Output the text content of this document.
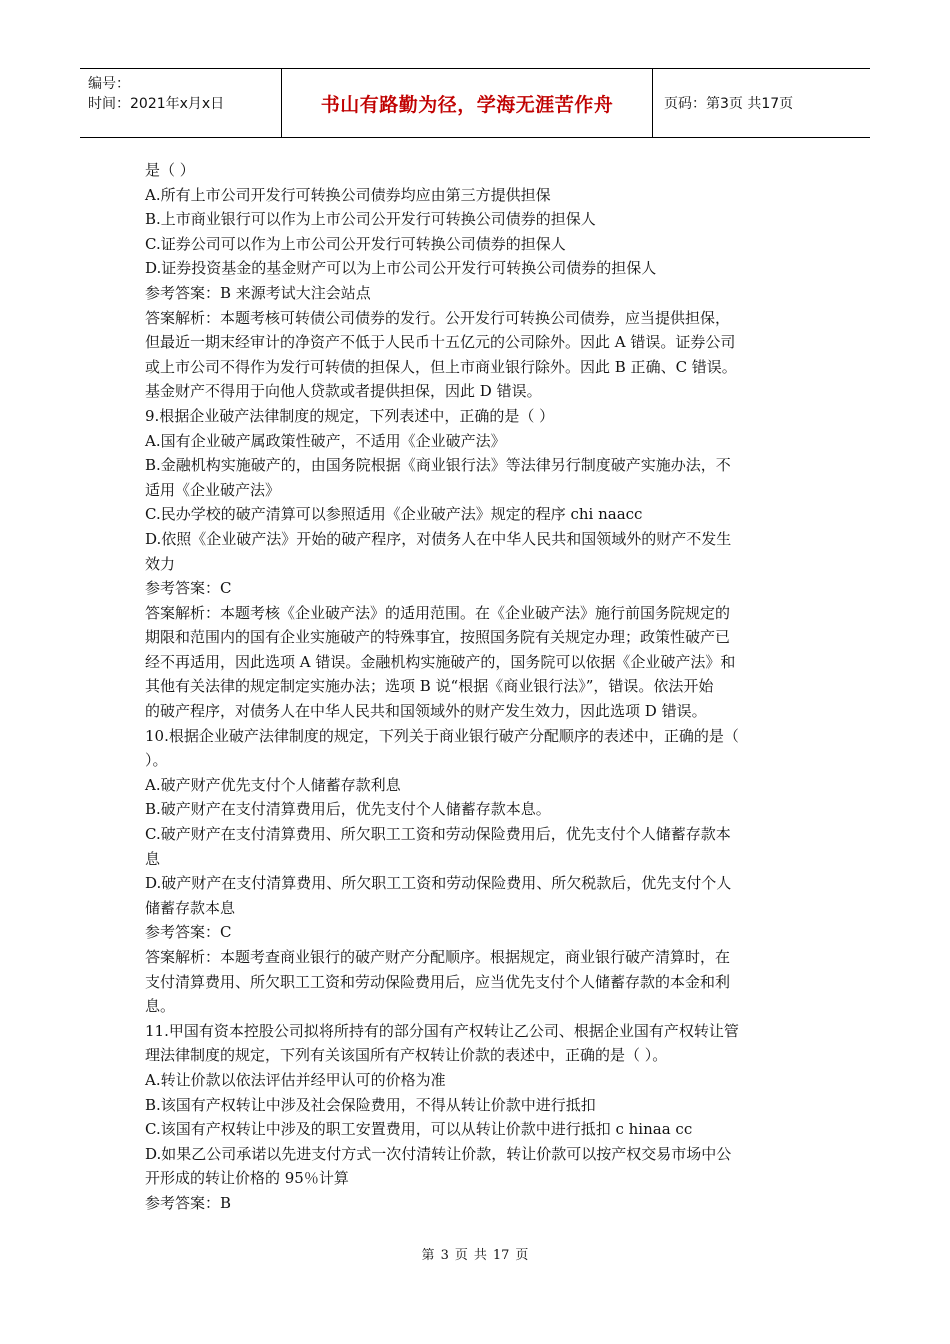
编号：
时间：2021年x月x日	书山有路勤为径，学海无涯苦作舟	页码：第3页 共17页
是（ ）
A.所有上市公司开发行可转换公司债券均应由第三方提供担保
B.上市商业银行可以作为上市公司公开发行可转换公司债券的担保人
C.证券公司可以作为上市公司公开发行可转换公司债券的担保人
D.证券投资基金的基金财产可以为上市公司公开发行可转换公司债券的担保人
参考答案：B 来源考试大注会站点
答案解析：本题考核可转债公司债券的发行。公开发行可转换公司债券，应当提供担保，
但最近一期末经审计的净资产不低于人民币十五亿元的公司除外。因此 A 错误。证券公司
或上市公司不得作为发行可转债的担保人，但上市商业银行除外。因此 B 正确、C 错误。
基金财产不得用于向他人贷款或者提供担保，因此 D 错误。
9.根据企业破产法律制度的规定，下列表述中，正确的是（ ）
A.国有企业破产属政策性破产，不适用《企业破产法》
B.金融机构实施破产的，由国务院根据《商业银行法》等法律另行制度破产实施办法，不
适用《企业破产法》
C.民办学校的破产清算可以参照适用《企业破产法》规定的程序 chi naacc
D.依照《企业破产法》开始的破产程序，对债务人在中华人民共和国领域外的财产不发生
效力
参考答案：C
答案解析：本题考核《企业破产法》的适用范围。在《企业破产法》施行前国务院规定的
期限和范围内的国有企业实施破产的特殊事宜，按照国务院有关规定办理；政策性破产已
经不再适用，因此选项 A 错误。金融机构实施破产的，国务院可以依据《企业破产法》和
其他有关法律的规定制定实施办法；选项 B 说“根据《商业银行法》”，错误。依法开始
的破产程序，对债务人在中华人民共和国领域外的财产发生效力，因此选项 D 错误。
10.根据企业破产法律制度的规定，下列关于商业银行破产分配顺序的表述中，正确的是（
）。
A.破产财产优先支付个人储蓄存款利息
B.破产财产在支付清算费用后，优先支付个人储蓄存款本息。
C.破产财产在支付清算费用、所欠职工工资和劳动保险费用后，优先支付个人储蓄存款本
息
D.破产财产在支付清算费用、所欠职工工资和劳动保险费用、所欠税款后，优先支付个人
储蓄存款本息
参考答案：C
答案解析：本题考查商业银行的破产财产分配顺序。根据规定，商业银行破产清算时，在
支付清算费用、所欠职工工资和劳动保险费用后，应当优先支付个人储蓄存款的本金和利
息。
11.甲国有资本控股公司拟将所持有的部分国有产权转让乙公司、根据企业国有产权转让管
理法律制度的规定，下列有关该国所有产权转让价款的表述中，正确的是（ ）。
A.转让价款以依法评估并经甲认可的价格为准
B.该国有产权转让中涉及社会保险费用，不得从转让价款中进行抵扣
C.该国有产权转让中涉及的职工安置费用，可以从转让价款中进行抵扣 c hinaa cc
D.如果乙公司承诺以先进支付方式一次付清转让价款，转让价款可以按产权交易市场中公
开形成的转让价格的 95％计算
参考答案：B
第 3 页 共 17 页
